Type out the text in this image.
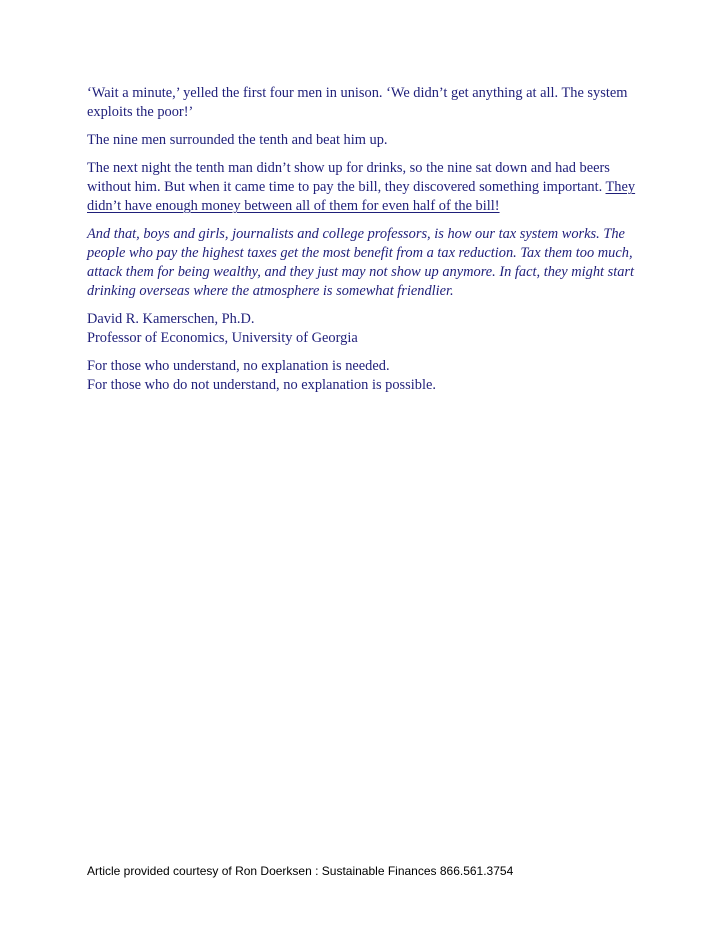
‘Wait a minute,’ yelled the first four men in unison. ‘We didn’t get anything at all. The system exploits the poor!’

The nine men surrounded the tenth and beat him up.

The next night the tenth man didn’t show up for drinks, so the nine sat down and had beers without him. But when it came time to pay the bill, they discovered something important. They didn’t have enough money between all of them for even half of the bill!

And that, boys and girls, journalists and college professors, is how our tax system works. The people who pay the highest taxes get the most benefit from a tax reduction. Tax them too much, attack them for being wealthy, and they just may not show up anymore. In fact, they might start drinking overseas where the atmosphere is somewhat friendlier.

David R. Kamerschen, Ph.D.
Professor of Economics, University of Georgia

For those who understand, no explanation is needed.
For those who do not understand, no explanation is possible.

Article provided courtesy of Ron Doerksen : Sustainable Finances 866.561.3754
